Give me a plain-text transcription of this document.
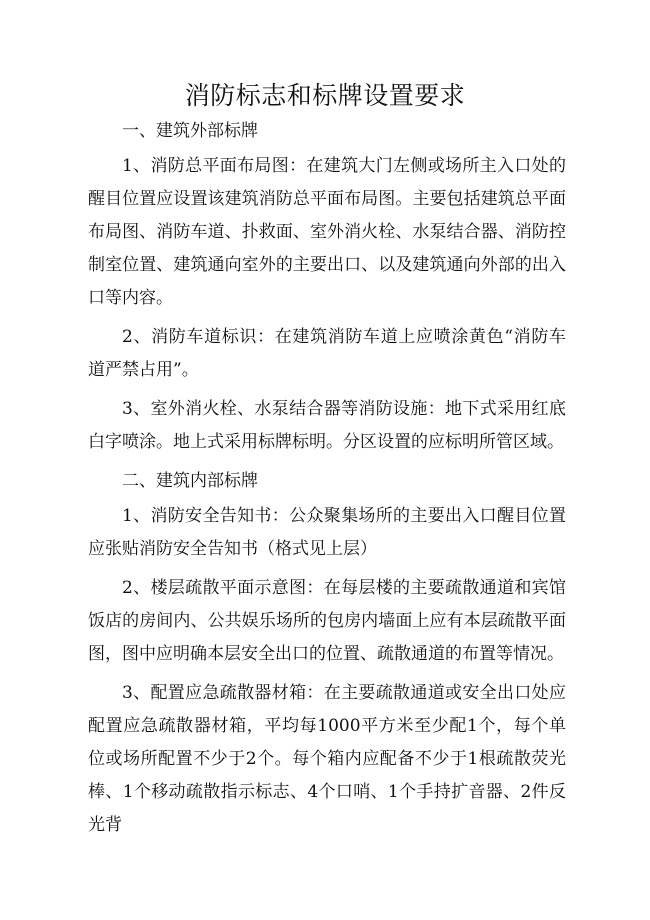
消防标志和标牌设置要求

一、建筑外部标牌

1、消防总平面布局图：在建筑大门左侧或场所主入口处的醒目位置应设置该建筑消防总平面布局图。主要包括建筑总平面布局图、消防车道、扑救面、室外消火栓、水泵结合器、消防控制室位置、建筑通向室外的主要出口、以及建筑通向外部的出入口等内容。

2、消防车道标识：在建筑消防车道上应喷涂黄色“消防车道严禁占用”。

3、室外消火栓、水泵结合器等消防设施：地下式采用红底白字喷涂。地上式采用标牌标明。分区设置的应标明所管区域。

二、建筑内部标牌

1、消防安全告知书：公众聚集场所的主要出入口醒目位置应张贴消防安全告知书（格式见上层）

2、楼层疏散平面示意图：在每层楼的主要疏散通道和宾馆饭店的房间内、公共娱乐场所的包房内墙面上应有本层疏散平面图，图中应明确本层安全出口的位置、疏散通道的布置等情况。

3、配置应急疏散器材箱：在主要疏散通道或安全出口处应配置应急疏散器材箱，平均每1000平方米至少配1个，每个单位或场所配置不少于2个。每个箱内应配备不少于1根疏散荧光棒、1个移动疏散指示标志、4个口哨、1个手持扩音器、2件反光背
